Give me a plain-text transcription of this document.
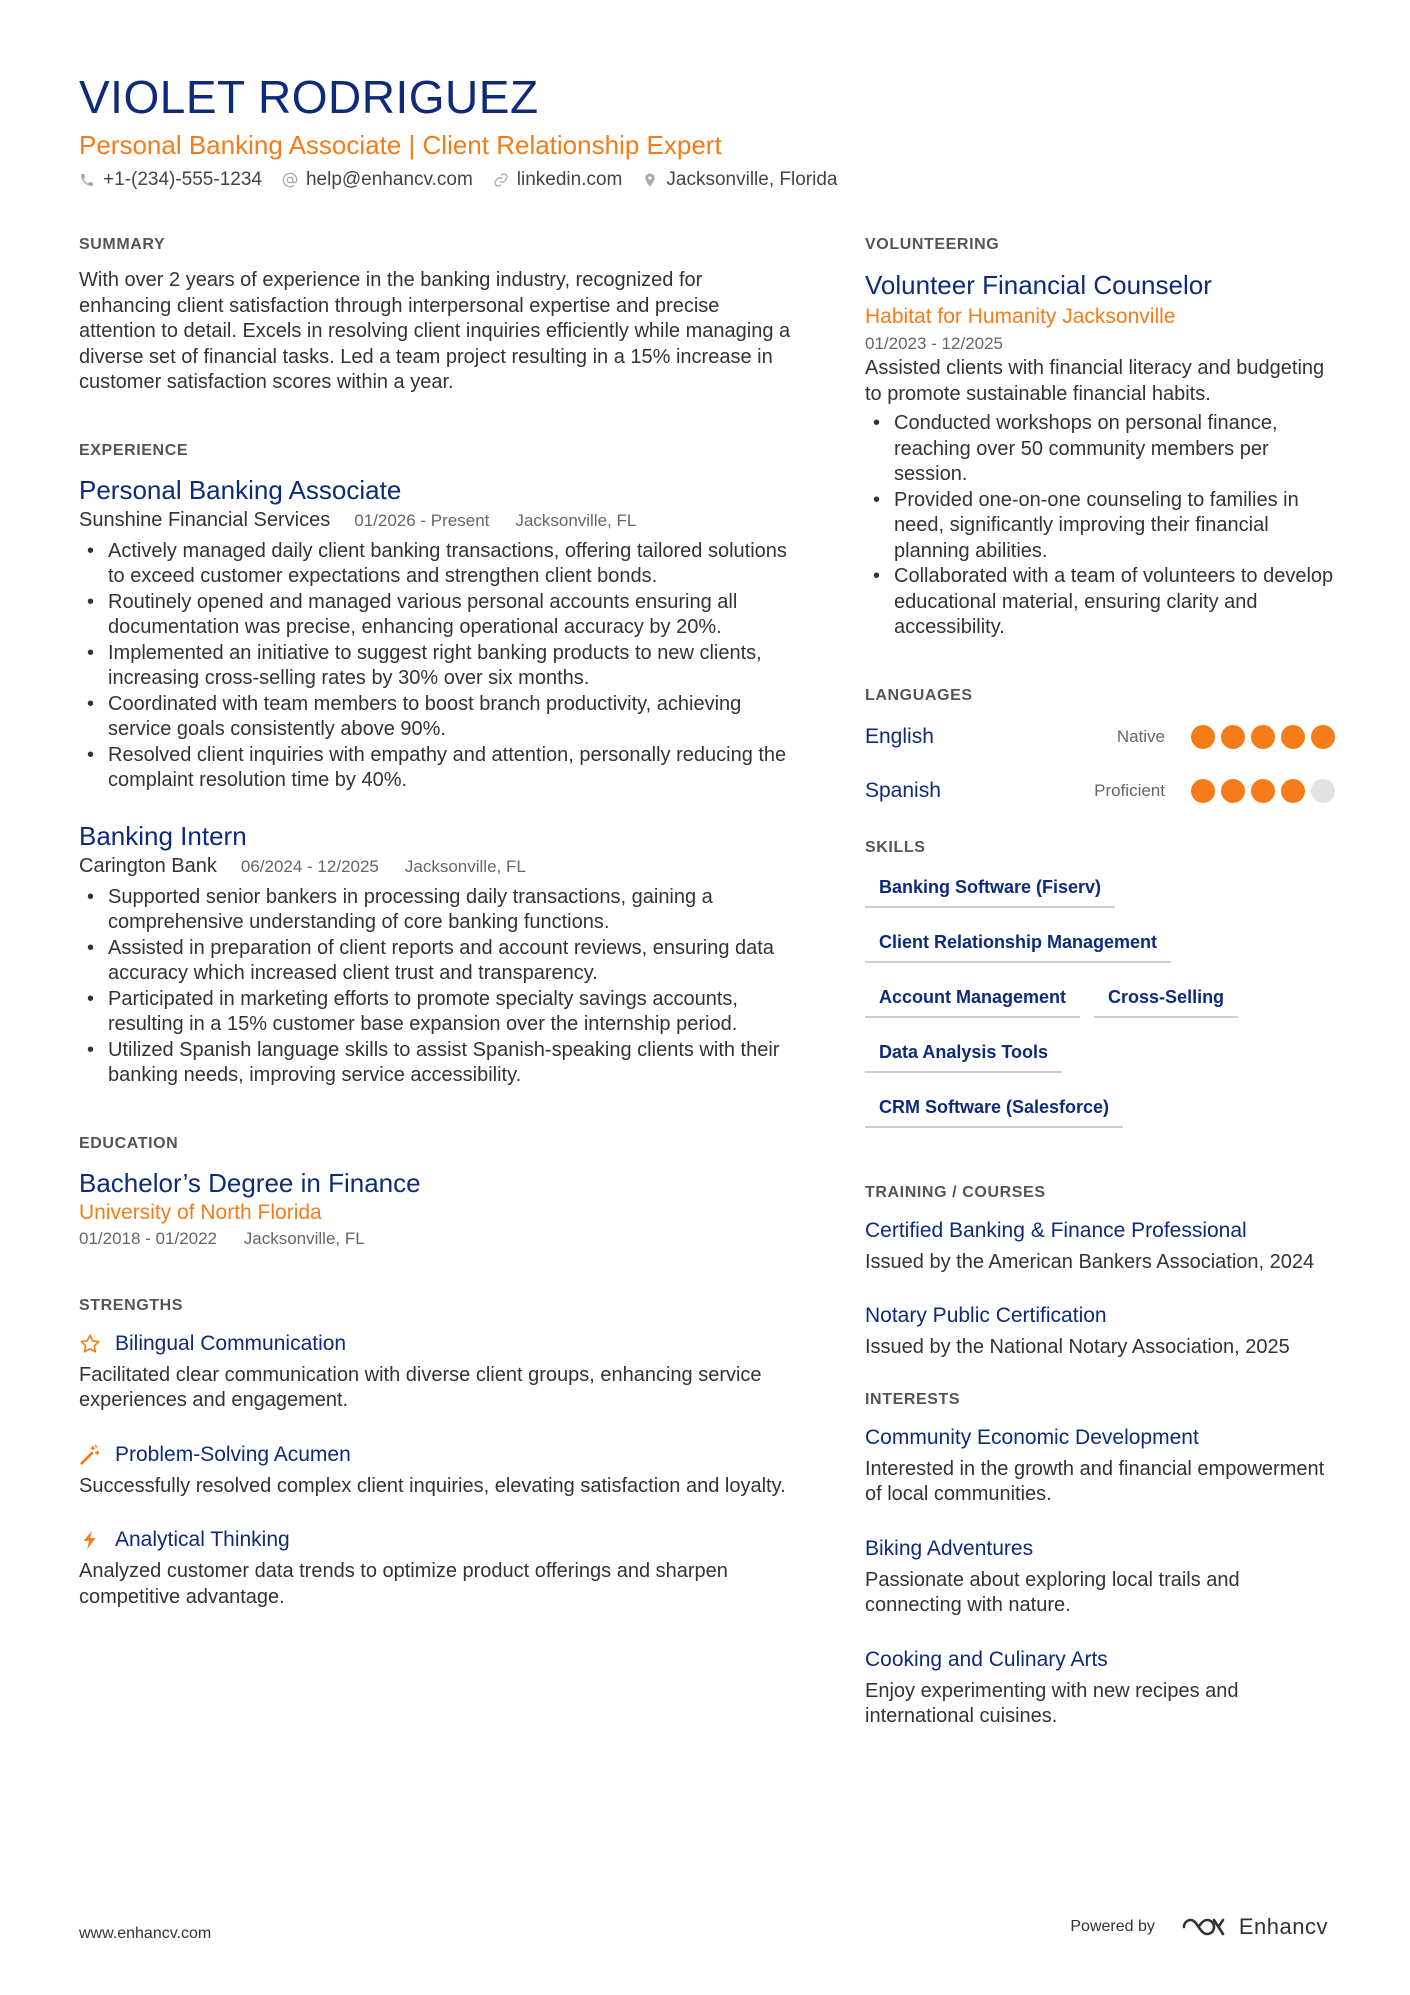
VIOLET RODRIGUEZ
Personal Banking Associate | Client Relationship Expert
+1-(234)-555-1234 help@enhancv.com linkedin.com Jacksonville, Florida
SUMMARY

With over 2 years of experience in the banking industry, recognized for enhancing client satisfaction through interpersonal expertise and precise attention to detail. Excels in resolving client inquiries efficiently while managing a diverse set of financial tasks. Led a team project resulting in a 15% increase in customer satisfaction scores within a year.

EXPERIENCE
Personal Banking Associate
Sunshine Financial Services 01/2026 - Present Jacksonville, FL
• Actively managed daily client banking transactions, offering tailored solutions to exceed customer expectations and strengthen client bonds.
• Routinely opened and managed various personal accounts ensuring all documentation was precise, enhancing operational accuracy by 20%.
• Implemented an initiative to suggest right banking products to new clients, increasing cross-selling rates by 30% over six months.
• Coordinated with team members to boost branch productivity, achieving service goals consistently above 90%.
• Resolved client inquiries with empathy and attention, personally reducing the complaint resolution time by 40%.
Banking Intern
Carington Bank 06/2024 - 12/2025 Jacksonville, FL
• Supported senior bankers in processing daily transactions, gaining a comprehensive understanding of core banking functions.
• Assisted in preparation of client reports and account reviews, ensuring data accuracy which increased client trust and transparency.
• Participated in marketing efforts to promote specialty savings accounts, resulting in a 15% customer base expansion over the internship period.
• Utilized Spanish language skills to assist Spanish-speaking clients with their banking needs, improving service accessibility.
EDUCATION
Bachelor’s Degree in Finance
University of North Florida
01/2018 - 01/2022 Jacksonville, FL
STRENGTHS
Bilingual Communication

Facilitated clear communication with diverse client groups, enhancing service experiences and engagement.

Problem-Solving Acumen

Successfully resolved complex client inquiries, elevating satisfaction and loyalty.

Analytical Thinking

Analyzed customer data trends to optimize product offerings and sharpen competitive advantage.

VOLUNTEERING
Volunteer Financial Counselor
Habitat for Humanity Jacksonville
01/2023 - 12/2025

Assisted clients with financial literacy and budgeting to promote sustainable financial habits.

• Conducted workshops on personal finance, reaching over 50 community members per session.
• Provided one-on-one counseling to families in need, significantly improving their financial planning abilities.
• Collaborated with a team of volunteers to develop educational material, ensuring clarity and accessibility.
LANGUAGES
English	Native
Spanish	Proficient
SKILLS
Banking Software (Fiserv)
Client Relationship Management
Account Management	Cross-Selling
Data Analysis Tools
CRM Software (Salesforce)
TRAINING / COURSES
Certified Banking & Finance Professional

Issued by the American Bankers Association, 2024

Notary Public Certification

Issued by the National Notary Association, 2025

INTERESTS
Community Economic Development

Interested in the growth and financial empowerment of local communities.

Biking Adventures

Passionate about exploring local trails and connecting with nature.

Cooking and Culinary Arts

Enjoy experimenting with new recipes and international cuisines.

www.enhancv.com	Powered by	Enhancv
